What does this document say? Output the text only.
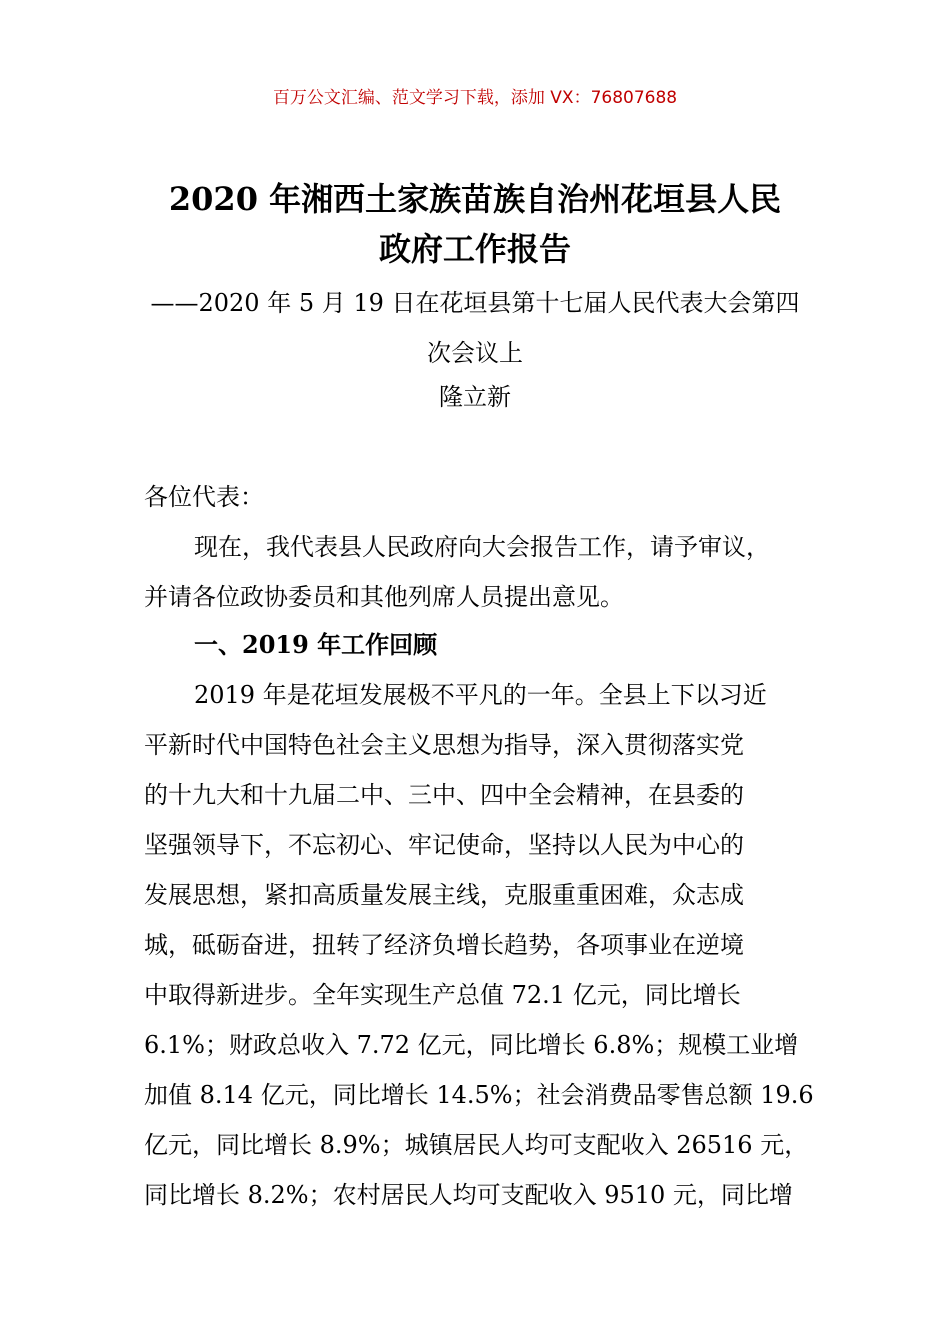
百万公文汇编、范文学习下载，添加 VX：76807688
2020 年湘西土家族苗族自治州花垣县人民
政府工作报告
——2020 年 5 月 19 日在花垣县第十七届人民代表大会第四
次会议上
隆立新
各位代表：
现在，我代表县人民政府向大会报告工作，请予审议，
并请各位政协委员和其他列席人员提出意见。
一、2019 年工作回顾
2019 年是花垣发展极不平凡的一年。全县上下以习近
平新时代中国特色社会主义思想为指导，深入贯彻落实党
的十九大和十九届二中、三中、四中全会精神，在县委的
坚强领导下，不忘初心、牢记使命，坚持以人民为中心的
发展思想，紧扣高质量发展主线，克服重重困难，众志成
城，砥砺奋进，扭转了经济负增长趋势，各项事业在逆境
中取得新进步。全年实现生产总值 72.1 亿元，同比增长
6.1%；财政总收入 7.72 亿元，同比增长 6.8%；规模工业增
加值 8.14 亿元，同比增长 14.5%；社会消费品零售总额 19.6
亿元，同比增长 8.9%；城镇居民人均可支配收入 26516 元，
同比增长 8.2%；农村居民人均可支配收入 9510 元，同比增
